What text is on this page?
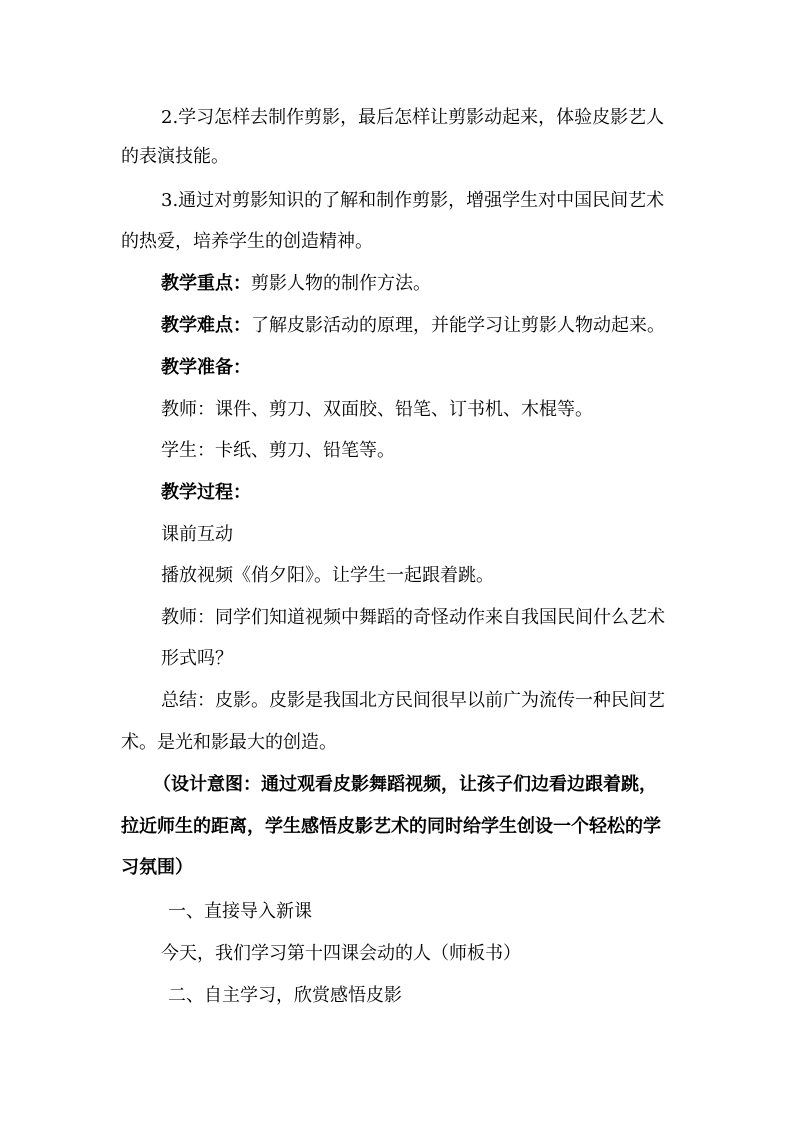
2.学习怎样去制作剪影，最后怎样让剪影动起来，体验皮影艺人
的表演技能。
3.通过对剪影知识的了解和制作剪影，增强学生对中国民间艺术
的热爱，培养学生的创造精神。
教学重点：剪影人物的制作方法。
教学难点：了解皮影活动的原理，并能学习让剪影人物动起来。
教学准备：
教师：课件、剪刀、双面胶、铅笔、订书机、木棍等。
学生：卡纸、剪刀、铅笔等。
教学过程：
课前互动
播放视频《俏夕阳》。让学生一起跟着跳。
教师：同学们知道视频中舞蹈的奇怪动作来自我国民间什么艺术
形式吗？
总结：皮影。皮影是我国北方民间很早以前广为流传一种民间艺
术。是光和影最大的创造。
（设计意图：通过观看皮影舞蹈视频，让孩子们边看边跟着跳，
拉近师生的距离，学生感悟皮影艺术的同时给学生创设一个轻松的学
习氛围）
一、直接导入新课
今天，我们学习第十四课会动的人（师板书）
二、自主学习，欣赏感悟皮影
